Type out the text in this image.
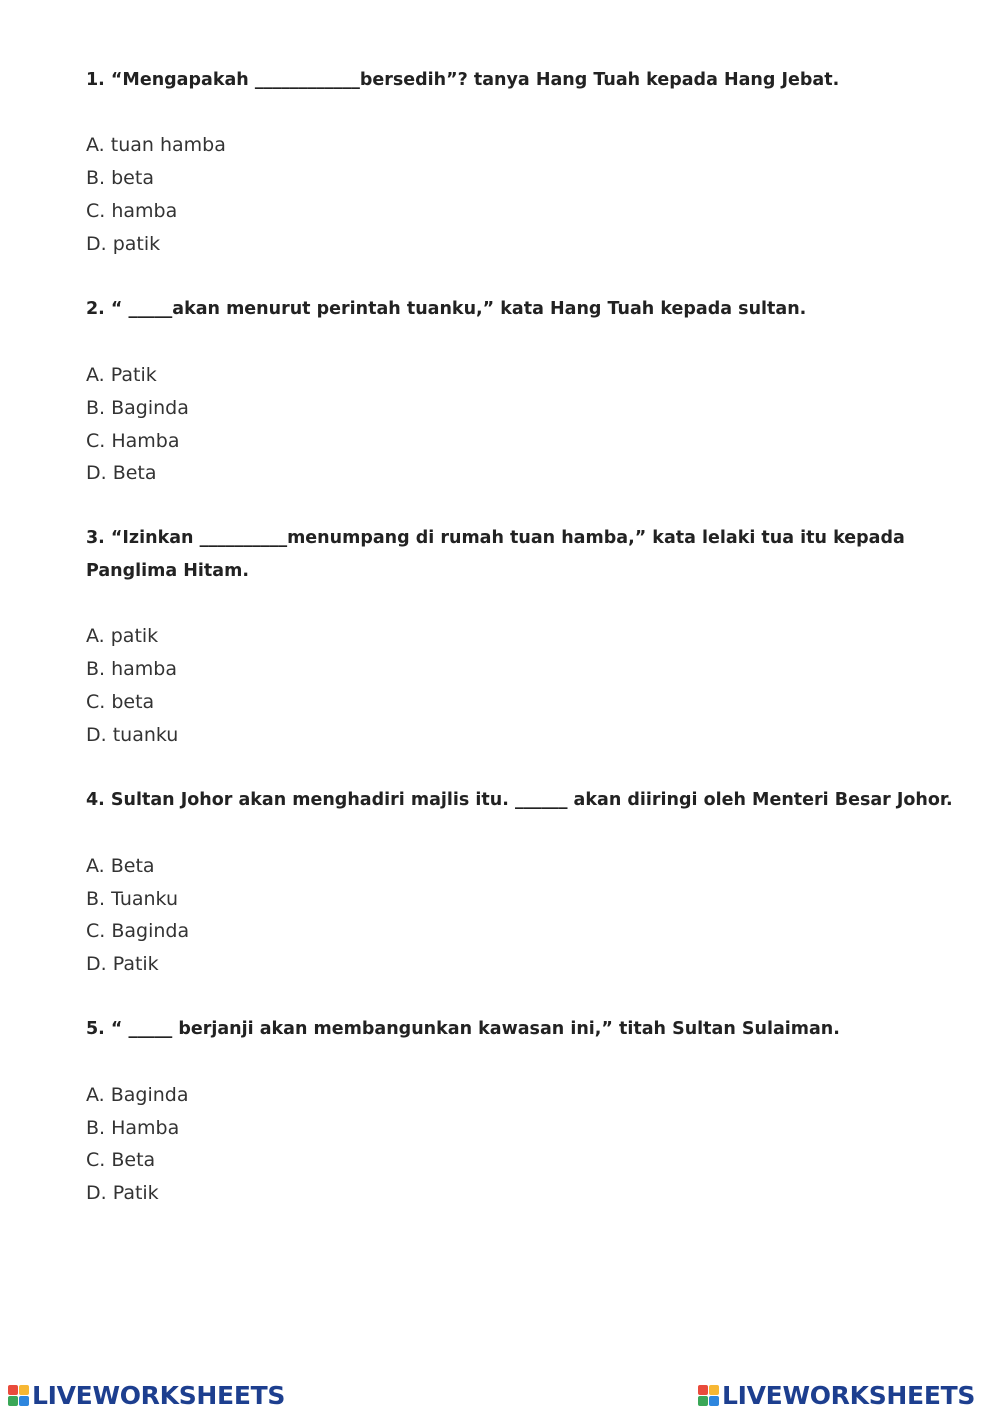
1. “Mengapakah ____________bersedih”? tanya Hang Tuah kepada Hang Jebat.
A. tuan hamba
B. beta
C. hamba
D. patik
2. “ _____akan menurut perintah tuanku,” kata Hang Tuah kepada sultan.
A. Patik
B. Baginda
C. Hamba
D. Beta
3. “Izinkan __________menumpang di rumah tuan hamba,” kata lelaki tua itu kepada Panglima Hitam.
A. patik
B. hamba
C. beta
D. tuanku
4. Sultan Johor akan menghadiri majlis itu. ______ akan diiringi oleh Menteri Besar Johor.
A. Beta
B. Tuanku
C. Baginda
D. Patik
5. “ _____ berjanji akan membangunkan kawasan ini,” titah Sultan Sulaiman.
A. Baginda
B. Hamba
C. Beta
D. Patik
LIVEWORKSHEETS	LIVEWORKSHEETS
